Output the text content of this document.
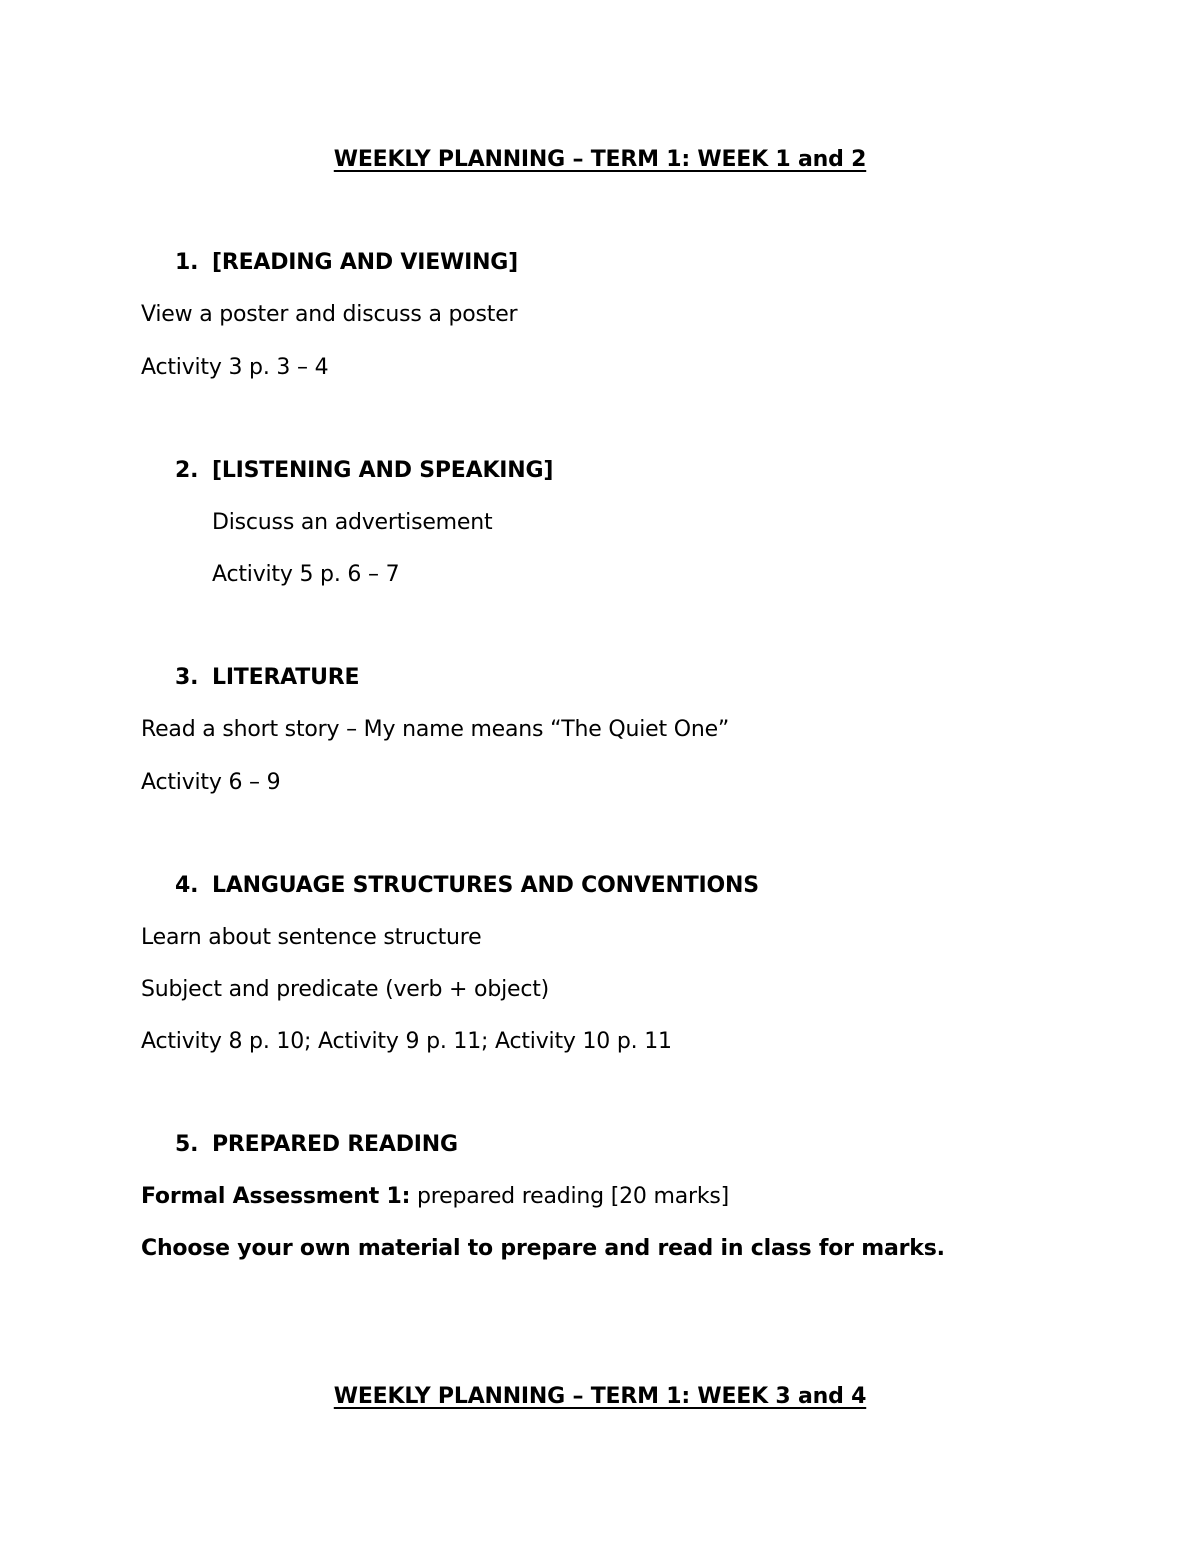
WEEKLY PLANNING – TERM 1: WEEK 1 and 2
1. [READING AND VIEWING]
View a poster and discuss a poster
Activity 3 p. 3 – 4
2. [LISTENING AND SPEAKING]
Discuss an advertisement
Activity 5 p. 6 – 7
3. LITERATURE
Read a short story – My name means “The Quiet One”
Activity 6 – 9
4. LANGUAGE STRUCTURES AND CONVENTIONS
Learn about sentence structure
Subject and predicate (verb + object)
Activity 8 p. 10; Activity 9 p. 11; Activity 10 p. 11
5. PREPARED READING
Formal Assessment 1: prepared reading [20 marks]
Choose your own material to prepare and read in class for marks.
WEEKLY PLANNING – TERM 1: WEEK 3 and 4
